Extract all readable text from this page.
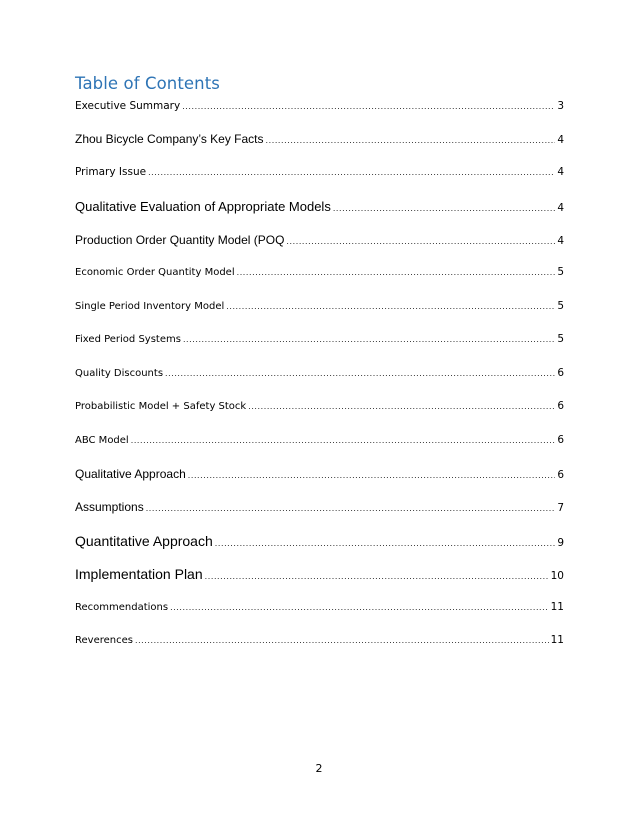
Table of Contents
Executive Summary .....	3
Zhou Bicycle Company’s Key Facts .....	4
Primary Issue .....	4
Qualitative Evaluation of Appropriate Models .....	4
Production Order Quantity Model (POQ .....	4
Economic Order Quantity Model .....	5
Single Period Inventory Model .....	5
Fixed Period Systems .....	5
Quality Discounts .....	6
Probabilistic Model + Safety Stock .....	6
ABC Model .....	6
Qualitative Approach .....	6
Assumptions .....	7
Quantitative Approach .....	9
Implementation Plan .....	10
Recommendations .....	11
Reverences .....	11
2
